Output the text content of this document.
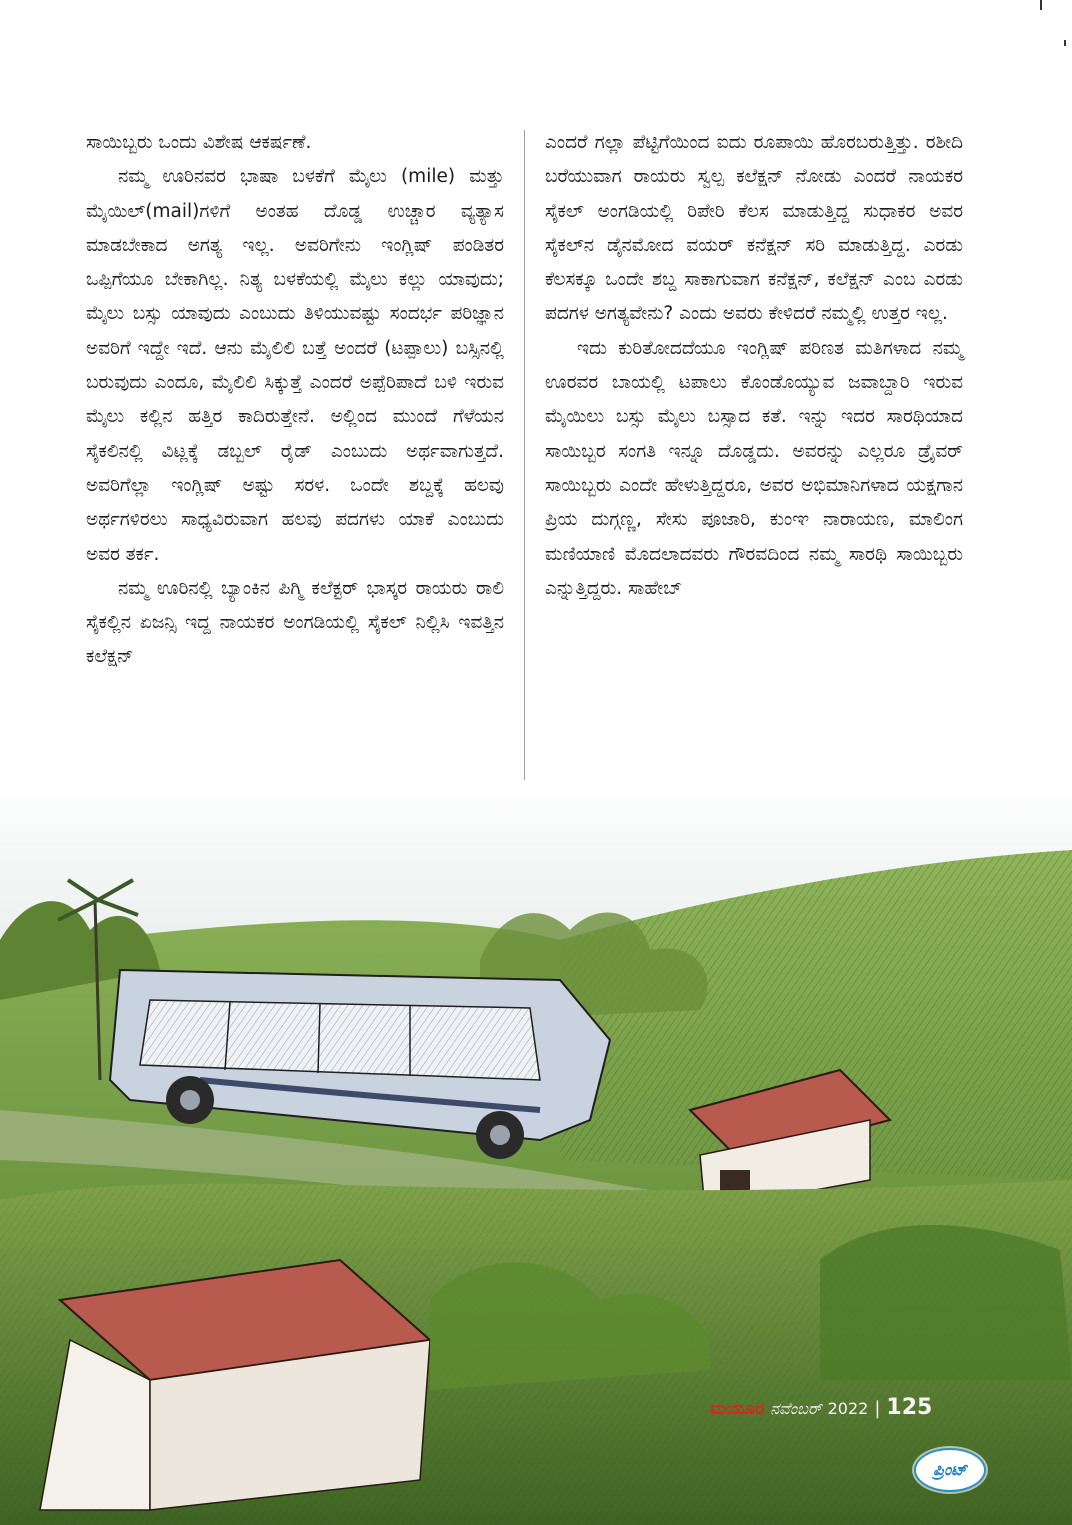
ಸಾಯಿಬ್ಬರು ಒಂದು ವಿಶೇಷ ಆಕರ್ಷಣೆ.

ನಮ್ಮ ಊರಿನವರ ಭಾಷಾ ಬಳಕೆಗೆ ಮೈಲು (mile) ಮತ್ತು ಮೈಯಿಲ್(mail)ಗಳಿಗೆ ಅಂತಹ ದೊಡ್ಡ ಉಚ್ಚಾರ ವ್ಯತ್ಯಾಸ ಮಾಡಬೇಕಾದ ಅಗತ್ಯ ಇಲ್ಲ. ಅವರಿಗೇನು ಇಂಗ್ಲಿಷ್ ಪಂಡಿತರ ಒಪ್ಪಿಗೆಯೂ ಬೇಕಾಗಿಲ್ಲ. ನಿತ್ಯ ಬಳಕೆಯಲ್ಲಿ ಮೈಲು ಕಲ್ಲು ಯಾವುದು; ಮೈಲು ಬಸ್ಸು ಯಾವುದು ಎಂಬುದು ತಿಳಿಯುವಷ್ಟು ಸಂದರ್ಭ ಪರಿಜ್ಞಾನ ಅವರಿಗೆ ಇದ್ದೇ ಇದೆ. ಆನು ಮೈಲಿಲಿ ಬತ್ತೆ ಅಂದರೆ (ಟಪ್ಪಾಲು) ಬಸ್ಸಿನಲ್ಲಿ ಬರುವುದು ಎಂದೂ, ಮೈಲಿಲಿ ಸಿಕ್ಕುತ್ತೆ ಎಂದರೆ ಅಪ್ಪೆರಿಪಾದೆ ಬಳಿ ಇರುವ ಮೈಲು ಕಲ್ಲಿನ ಹತ್ತಿರ ಕಾದಿರುತ್ತೇನೆ. ಅಲ್ಲಿಂದ ಮುಂದೆ ಗೆಳೆಯನ ಸೈಕಲಿನಲ್ಲಿ ವಿಟ್ಲಕ್ಕೆ ಡಬ್ಬಲ್ ರೈಡ್ ಎಂಬುದು ಅರ್ಥವಾಗುತ್ತದೆ. ಅವರಿಗೆಲ್ಲಾ ಇಂಗ್ಲಿಷ್ ಅಷ್ಟು ಸರಳ. ಒಂದೇ ಶಬ್ದಕ್ಕೆ ಹಲವು ಅರ್ಥಗಳಿರಲು ಸಾಧ್ಯವಿರುವಾಗ ಹಲವು ಪದಗಳು ಯಾಕೆ ಎಂಬುದು ಅವರ ತರ್ಕ.

ನಮ್ಮ ಊರಿನಲ್ಲಿ ಬ್ಯಾಂಕಿನ ಪಿಗ್ಮಿ ಕಲೆಕ್ಟರ್ ಭಾಸ್ಕರ ರಾಯರು ರಾಲಿ ಸೈಕಲ್ಲಿನ ಏಜನ್ಸಿ ಇದ್ದ ನಾಯಕರ ಅಂಗಡಿಯಲ್ಲಿ ಸೈಕಲ್ ನಿಲ್ಲಿಸಿ ಇವತ್ತಿನ ಕಲೆಕ್ಷನ್

ಎಂದರೆ ಗಲ್ಲಾ ಪೆಟ್ಟಿಗೆಯಿಂದ ಐದು ರೂಪಾಯಿ ಹೊರಬರುತ್ತಿತ್ತು. ರಶೀದಿ ಬರೆಯುವಾಗ ರಾಯರು ಸ್ವಲ್ಪ ಕಲೆಕ್ಷನ್ ನೋಡು ಎಂದರೆ ನಾಯಕರ ಸೈಕಲ್ ಅಂಗಡಿಯಲ್ಲಿ ರಿಪೇರಿ ಕೆಲಸ ಮಾಡುತ್ತಿದ್ದ ಸುಧಾಕರ ಅವರ ಸೈಕಲ್‌ನ ಡೈನಮೋದ ವಯರ್ ಕನೆಕ್ಷನ್ ಸರಿ ಮಾಡುತ್ತಿದ್ದ. ಎರಡು ಕೆಲಸಕ್ಕೂ ಒಂದೇ ಶಬ್ದ ಸಾಕಾಗುವಾಗ ಕನೆಕ್ಷನ್, ಕಲೆಕ್ಷನ್ ಎಂಬ ಎರಡು ಪದಗಳ ಅಗತ್ಯವೇನು? ಎಂದು ಅವರು ಕೇಳಿದರೆ ನಮ್ಮಲ್ಲಿ ಉತ್ತರ ಇಲ್ಲ.

ಇದು ಕುರಿತೋದದೆಯೂ ಇಂಗ್ಲಿಷ್ ಪರಿಣತ ಮತಿಗಳಾದ ನಮ್ಮ ಊರವರ ಬಾಯಲ್ಲಿ ಟಪಾಲು ಕೊಂಡೊಯ್ಯುವ ಜವಾಬ್ದಾರಿ ಇರುವ ಮೈಯಿಲು ಬಸ್ಸು ಮೈಲು ಬಸ್ಸಾದ ಕತೆ. ಇನ್ನು ಇದರ ಸಾರಥಿಯಾದ ಸಾಯಿಬ್ಬರ ಸಂಗತಿ ಇನ್ನೂ ದೊಡ್ಡದು. ಅವರನ್ನು ಎಲ್ಲರೂ ಡ್ರೈವರ್ ಸಾಯಿಬ್ಬರು ಎಂದೇ ಹೇಳುತ್ತಿದ್ದರೂ, ಅವರ ಅಭಿಮಾನಿಗಳಾದ ಯಕ್ಷಗಾನ ಪ್ರಿಯ ದುಗ್ಗಣ್ಣ, ಸೇಸು ಪೂಜಾರಿ, ಕುಂಞ ನಾರಾಯಣ, ಮಾಲಿಂಗ ಮಣಿಯಾಣಿ ಮೊದಲಾದವರು ಗೌರವದಿಂದ ನಮ್ಮ ಸಾರಥಿ ಸಾಯಿಬ್ಬರು ಎನ್ನುತ್ತಿದ್ದರು. ಸಾಹೇಬ್

ಮಯೂರ ನವೆಂಬರ್ 2022 | 125
ಪ್ರಿಂಟ್
